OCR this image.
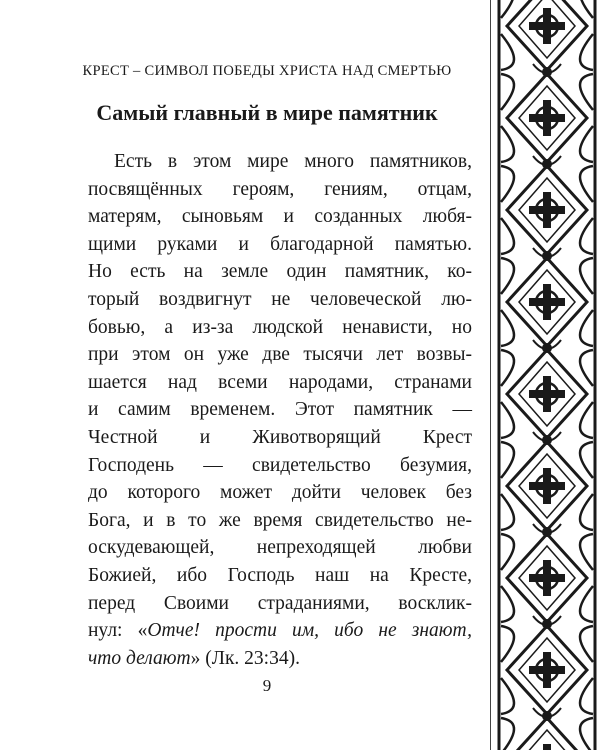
КРЕСТ – СИМВОЛ ПОБЕДЫ ХРИСТА НАД СМЕРТЬЮ
Самый главный в мире памятник
Есть в этом мире много памятников,
посвящённых героям, гениям, отцам,
матерям, сыновьям и созданных любя-
щими руками и благодарной памятью.
Но есть на земле один памятник, ко-
торый воздвигнут не человеческой лю-
бовью, а из-за людской ненависти, но
при этом он уже две тысячи лет возвы-
шается над всеми народами, странами
и самим временем. Этот памятник —
Честной и Животворящий Крест
Господень — свидетельство безумия,
до которого может дойти человек без
Бога, и в то же время свидетельство не-
оскудевающей, непреходящей любви
Божией, ибо Господь наш на Кресте,
перед Своими страданиями, восклик-
нул: «Отче! прости им, ибо не знают,
что делают» (Лк. 23:34).
9
